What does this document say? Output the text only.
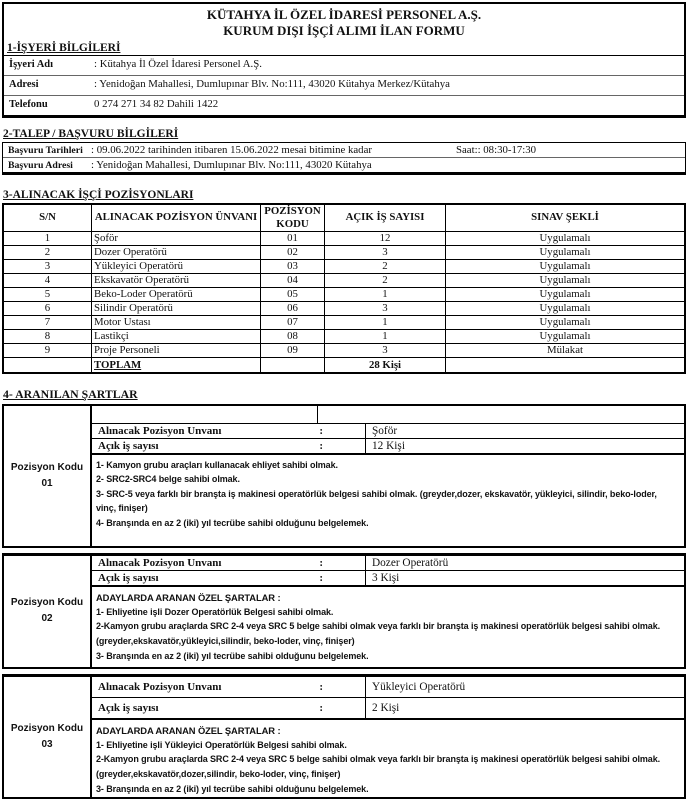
KÜTAHYA İL ÖZEL İDARESİ PERSONEL A.Ş.
KURUM DIŞI İŞÇİ ALIMI İLAN FORMU
1-İŞYERİ BİLGİLERİ
İşyeri Adı	: Kütahya İl Özel İdaresi Personel A.Ş.
Adresi	: Yenidoğan Mahallesi, Dumlupınar Blv. No:111, 43020 Kütahya Merkez/Kütahya
Telefonu	0 274 271 34 82 Dahili 1422
2-TALEP / BAŞVURU BİLGİLERİ
Başvuru Tarihleri : 09.06.2022 tarihinden itibaren 15.06.2022 mesai bitimine kadar	Saat:: 08:30-17:30
Başvuru Adresi	: Yenidoğan Mahallesi, Dumlupınar Blv. No:111, 43020 Kütahya
3-ALINACAK İŞÇİ POZİSYONLARI
S/N	ALINACAK POZİSYON ÜNVANI	POZİSYON KODU	AÇIK İŞ SAYISI	SINAV ŞEKLİ
1	Şoför	01	12	Uygulamalı
2	Dozer Operatörü	02	3	Uygulamalı
3	Yükleyici Operatörü	03	2	Uygulamalı
4	Ekskavatör Operatörü	04	2	Uygulamalı
5	Beko-Loder Operatörü	05	1	Uygulamalı
6	Silindir Operatörü	06	3	Uygulamalı
7	Motor Ustası	07	1	Uygulamalı
8	Lastikçi	08	1	Uygulamalı
9	Proje Personeli	09	3	Mülakat
	TOPLAM		28 Kişi	
4- ARANILAN ŞARTLAR
Pozisyon Kodu
01
Alınacak Pozisyon Unvanı	:	Şoför
Açık iş sayısı	:	12 Kişi

1- Kamyon grubu araçları kullanacak ehliyet sahibi olmak.

2- SRC2-SRC4 belge sahibi olmak.

3- SRC-5 veya farklı bir branşta iş makinesi operatörlük belgesi sahibi olmak. (greyder,dozer, ekskavatör, yükleyici, silindir, beko-loder, vinç, finişer)

4- Branşında en az 2 (iki) yıl tecrübe sahibi olduğunu belgelemek.

Pozisyon Kodu
02
Alınacak Pozisyon Unvanı	:	Dozer Operatörü
Açık iş sayısı	:	3 Kişi

ADAYLARDA ARANAN ÖZEL ŞARTALAR :

1- Ehliyetine işli Dozer Operatörlük Belgesi sahibi olmak.

2-Kamyon grubu araçlarda SRC 2-4 veya SRC 5 belge sahibi olmak veya farklı bir branşta iş makinesi operatörlük belgesi sahibi olmak.

(greyder,ekskavatör,yükleyici,silindir, beko-loder, vinç, finişer)

3- Branşında en az 2 (iki) yıl tecrübe sahibi olduğunu belgelemek.

Pozisyon Kodu
03
Alınacak Pozisyon Unvanı	:	Yükleyici Operatörü
Açık iş sayısı	:	2 Kişi

ADAYLARDA ARANAN ÖZEL ŞARTALAR :

1- Ehliyetine işli Yükleyici Operatörlük Belgesi sahibi olmak.

2-Kamyon grubu araçlarda SRC 2-4 veya SRC 5 belge sahibi olmak veya farklı bir branşta iş makinesi operatörlük belgesi sahibi olmak.

(greyder,ekskavatör,dozer,silindir, beko-loder, vinç, finişer)

3- Branşında en az 2 (iki) yıl tecrübe sahibi olduğunu belgelemek.
